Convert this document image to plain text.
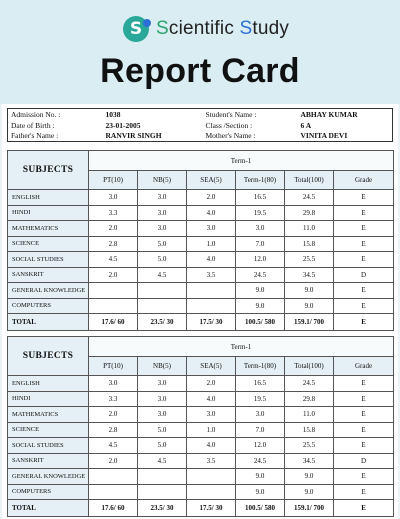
S Scientific Study
Report Card
Admission No. :	1038	Student's Name :	ABHAY KUMAR
Date of Birth :	23-01-2005	Class /Section :	6 A
Father's Name :	RANVIR SINGH	Mother's Name :	VINITA DEVI
SUBJECTS	Term-1					
	PT(10)	NB(5)	SEA(5)	Term-1(80)	Total(100)	Grade
ENGLISH	3.0	3.0	2.0	16.5	24.5	E
HINDI	3.3	3.0	4.0	19.5	29.8	E
MATHEMATICS	2.0	3.0	3.0	3.0	11.0	E
SCIENCE	2.8	5.0	1.0	7.0	15.8	E
SOCIAL STUDIES	4.5	5.0	4.0	12.0	25.5	E
SANSKRIT	2.0	4.5	3.5	24.5	34.5	D
GENERAL KNOWLEDGE				9.0	9.0	E
COMPUTERS				9.0	9.0	E
TOTAL	17.6/ 60	23.5/ 30	17.5/ 30	100.5/ 580	159.1/ 700	E
SUBJECTS	Term-1					
	PT(10)	NB(5)	SEA(5)	Term-1(80)	Total(100)	Grade
ENGLISH	3.0	3.0	2.0	16.5	24.5	E
HINDI	3.3	3.0	4.0	19.5	29.8	E
MATHEMATICS	2.0	3.0	3.0	3.0	11.0	E
SCIENCE	2.8	5.0	1.0	7.0	15.8	E
SOCIAL STUDIES	4.5	5.0	4.0	12.0	25.5	E
SANSKRIT	2.0	4.5	3.5	24.5	34.5	D
GENERAL KNOWLEDGE				9.0	9.0	E
COMPUTERS				9.0	9.0	E
TOTAL	17.6/ 60	23.5/ 30	17.5/ 30	100.5/ 580	159.1/ 700	E
